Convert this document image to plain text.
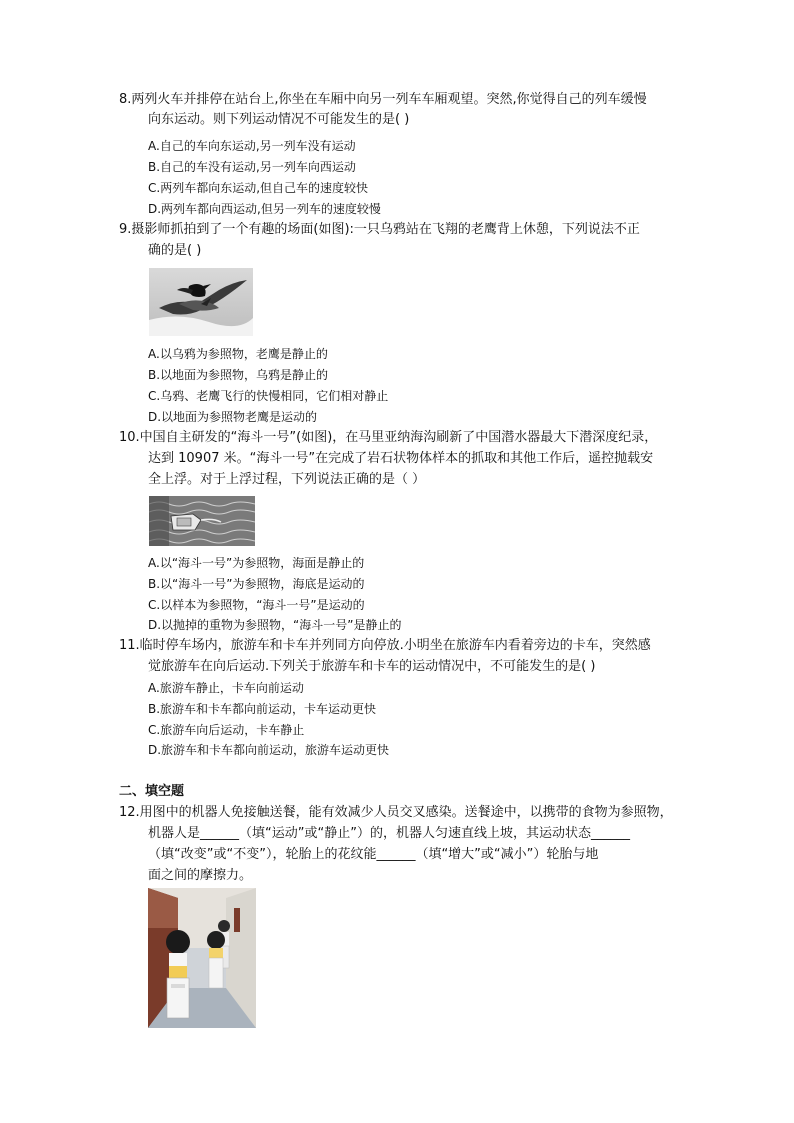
8.两列火车并排停在站台上,你坐在车厢中向另一列车车厢观望。突然,你觉得自己的列车缓慢
向东运动。则下列运动情况不可能发生的是( )
A.自己的车向东运动,另一列车没有运动
B.自己的车没有运动,另一列车向西运动
C.两列车都向东运动,但自己车的速度较快
D.两列车都向西运动,但另一列车的速度较慢
9.摄影师抓拍到了一个有趣的场面(如图):一只乌鸦站在飞翔的老鹰背上休憩，下列说法不正
确的是( )
A.以乌鸦为参照物，老鹰是静止的
B.以地面为参照物，乌鸦是静止的
C.乌鸦、老鹰飞行的快慢相同，它们相对静止
D.以地面为参照物老鹰是运动的
10.中国自主研发的“海斗一号”(如图)，在马里亚纳海沟刷新了中国潜水器最大下潜深度纪录，
达到 10907 米。“海斗一号”在完成了岩石状物体样本的抓取和其他工作后，遥控抛载安
全上浮。对于上浮过程，下列说法正确的是（ ）
A.以“海斗一号”为参照物，海面是静止的
B.以“海斗一号”为参照物，海底是运动的
C.以样本为参照物，“海斗一号”是运动的
D.以抛掉的重物为参照物，“海斗一号”是静止的
11.临时停车场内，旅游车和卡车并列同方向停放.小明坐在旅游车内看着旁边的卡车，突然感
觉旅游车在向后运动.下列关于旅游车和卡车的运动情况中，不可能发生的是( )
A.旅游车静止，卡车向前运动
B.旅游车和卡车都向前运动，卡车运动更快
C.旅游车向后运动，卡车静止
D.旅游车和卡车都向前运动，旅游车运动更快
二、填空题
12.用图中的机器人免接触送餐，能有效减少人员交叉感染。送餐途中，以携带的食物为参照物，
机器人是______（填“运动”或“静止”）的，机器人匀速直线上坡，其运动状态______
（填“改变”或“不变”），轮胎上的花纹能______（填“增大”或“减小”）轮胎与地
面之间的摩擦力。
